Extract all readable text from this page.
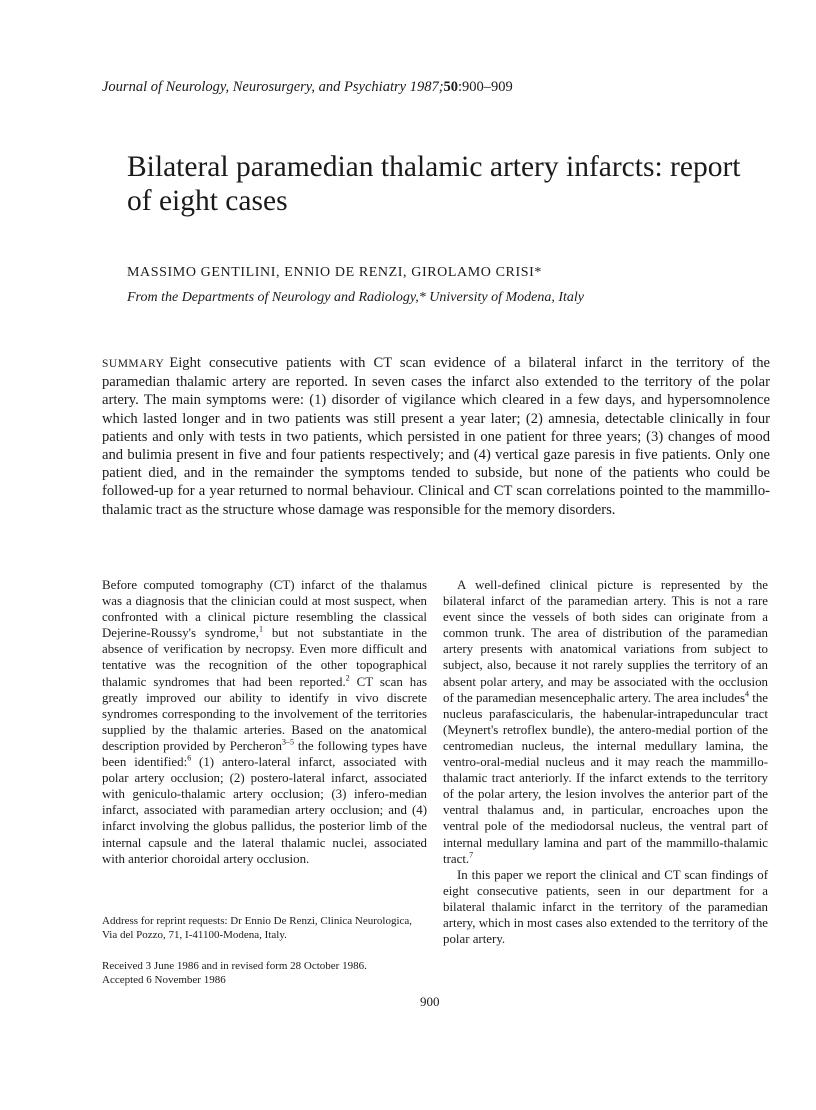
Journal of Neurology, Neurosurgery, and Psychiatry 1987;50:900–909
Bilateral paramedian thalamic artery infarcts: report of eight cases
MASSIMO GENTILINI, ENNIO DE RENZI, GIROLAMO CRISI*
From the Departments of Neurology and Radiology,* University of Modena, Italy

SUMMARY Eight consecutive patients with CT scan evidence of a bilateral infarct in the territory of the paramedian thalamic artery are reported. In seven cases the infarct also extended to the territory of the polar artery. The main symptoms were: (1) disorder of vigilance which cleared in a few days, and hypersomnolence which lasted longer and in two patients was still present a year later; (2) amnesia, detectable clinically in four patients and only with tests in two patients, which persisted in one patient for three years; (3) changes of mood and bulimia present in five and four patients respectively; and (4) vertical gaze paresis in five patients. Only one patient died, and in the remainder the symptoms tended to subside, but none of the patients who could be followed-up for a year returned to normal behaviour. Clinical and CT scan correlations pointed to the mammillo-thalamic tract as the structure whose damage was responsible for the memory disorders.

Before computed tomography (CT) infarct of the thalamus was a diagnosis that the clinician could at most suspect, when confronted with a clinical picture resembling the classical Dejerine-Roussy's syndrome,$^1$ but not substantiate in the absence of verification by necropsy. Even more difficult and tentative was the recognition of the other topographical thalamic syndromes that had been reported.$^2$ CT scan has greatly improved our ability to identify in vivo discrete syndromes corresponding to the involvement of the territories supplied by the thalamic arteries. Based on the anatomical description provided by Percheron$^{3-5}$ the following types have been identified:$^6$ (1) antero-lateral infarct, associated with polar artery occlusion; (2) postero-lateral infarct, associated with geniculo-thalamic artery occlusion; (3) infero-median infarct, associated with paramedian artery occlusion; and (4) infarct involving the globus pallidus, the posterior limb of the internal capsule and the lateral thalamic nuclei, associated with anterior choroidal artery occlusion.

Address for reprint requests: Dr Ennio De Renzi, Clinica Neurologica, Via del Pozzo, 71, I-41100-Modena, Italy.
Received 3 June 1986 and in revised form 28 October 1986.
Accepted 6 November 1986

A well-defined clinical picture is represented by the bilateral infarct of the paramedian artery. This is not a rare event since the vessels of both sides can originate from a common trunk. The area of distribution of the paramedian artery presents with anatomical variations from subject to subject, also, because it not rarely supplies the territory of an absent polar artery, and may be associated with the occlusion of the paramedian mesencephalic artery. The area includes$^4$ the nucleus parafascicularis, the habenular-intrapeduncular tract (Meynert's retroflex bundle), the antero-medial portion of the centromedian nucleus, the internal medullary lamina, the ventro-oral-medial nucleus and it may reach the mammillo-thalamic tract anteriorly. If the infarct extends to the territory of the polar artery, the lesion involves the anterior part of the ventral thalamus and, in particular, encroaches upon the ventral pole of the mediodorsal nucleus, the ventral part of internal medullary lamina and part of the mammillo-thalamic tract.$^7$

In this paper we report the clinical and CT scan findings of eight consecutive patients, seen in our department for a bilateral thalamic infarct in the territory of the paramedian artery, which in most cases also extended to the territory of the polar artery.

900
